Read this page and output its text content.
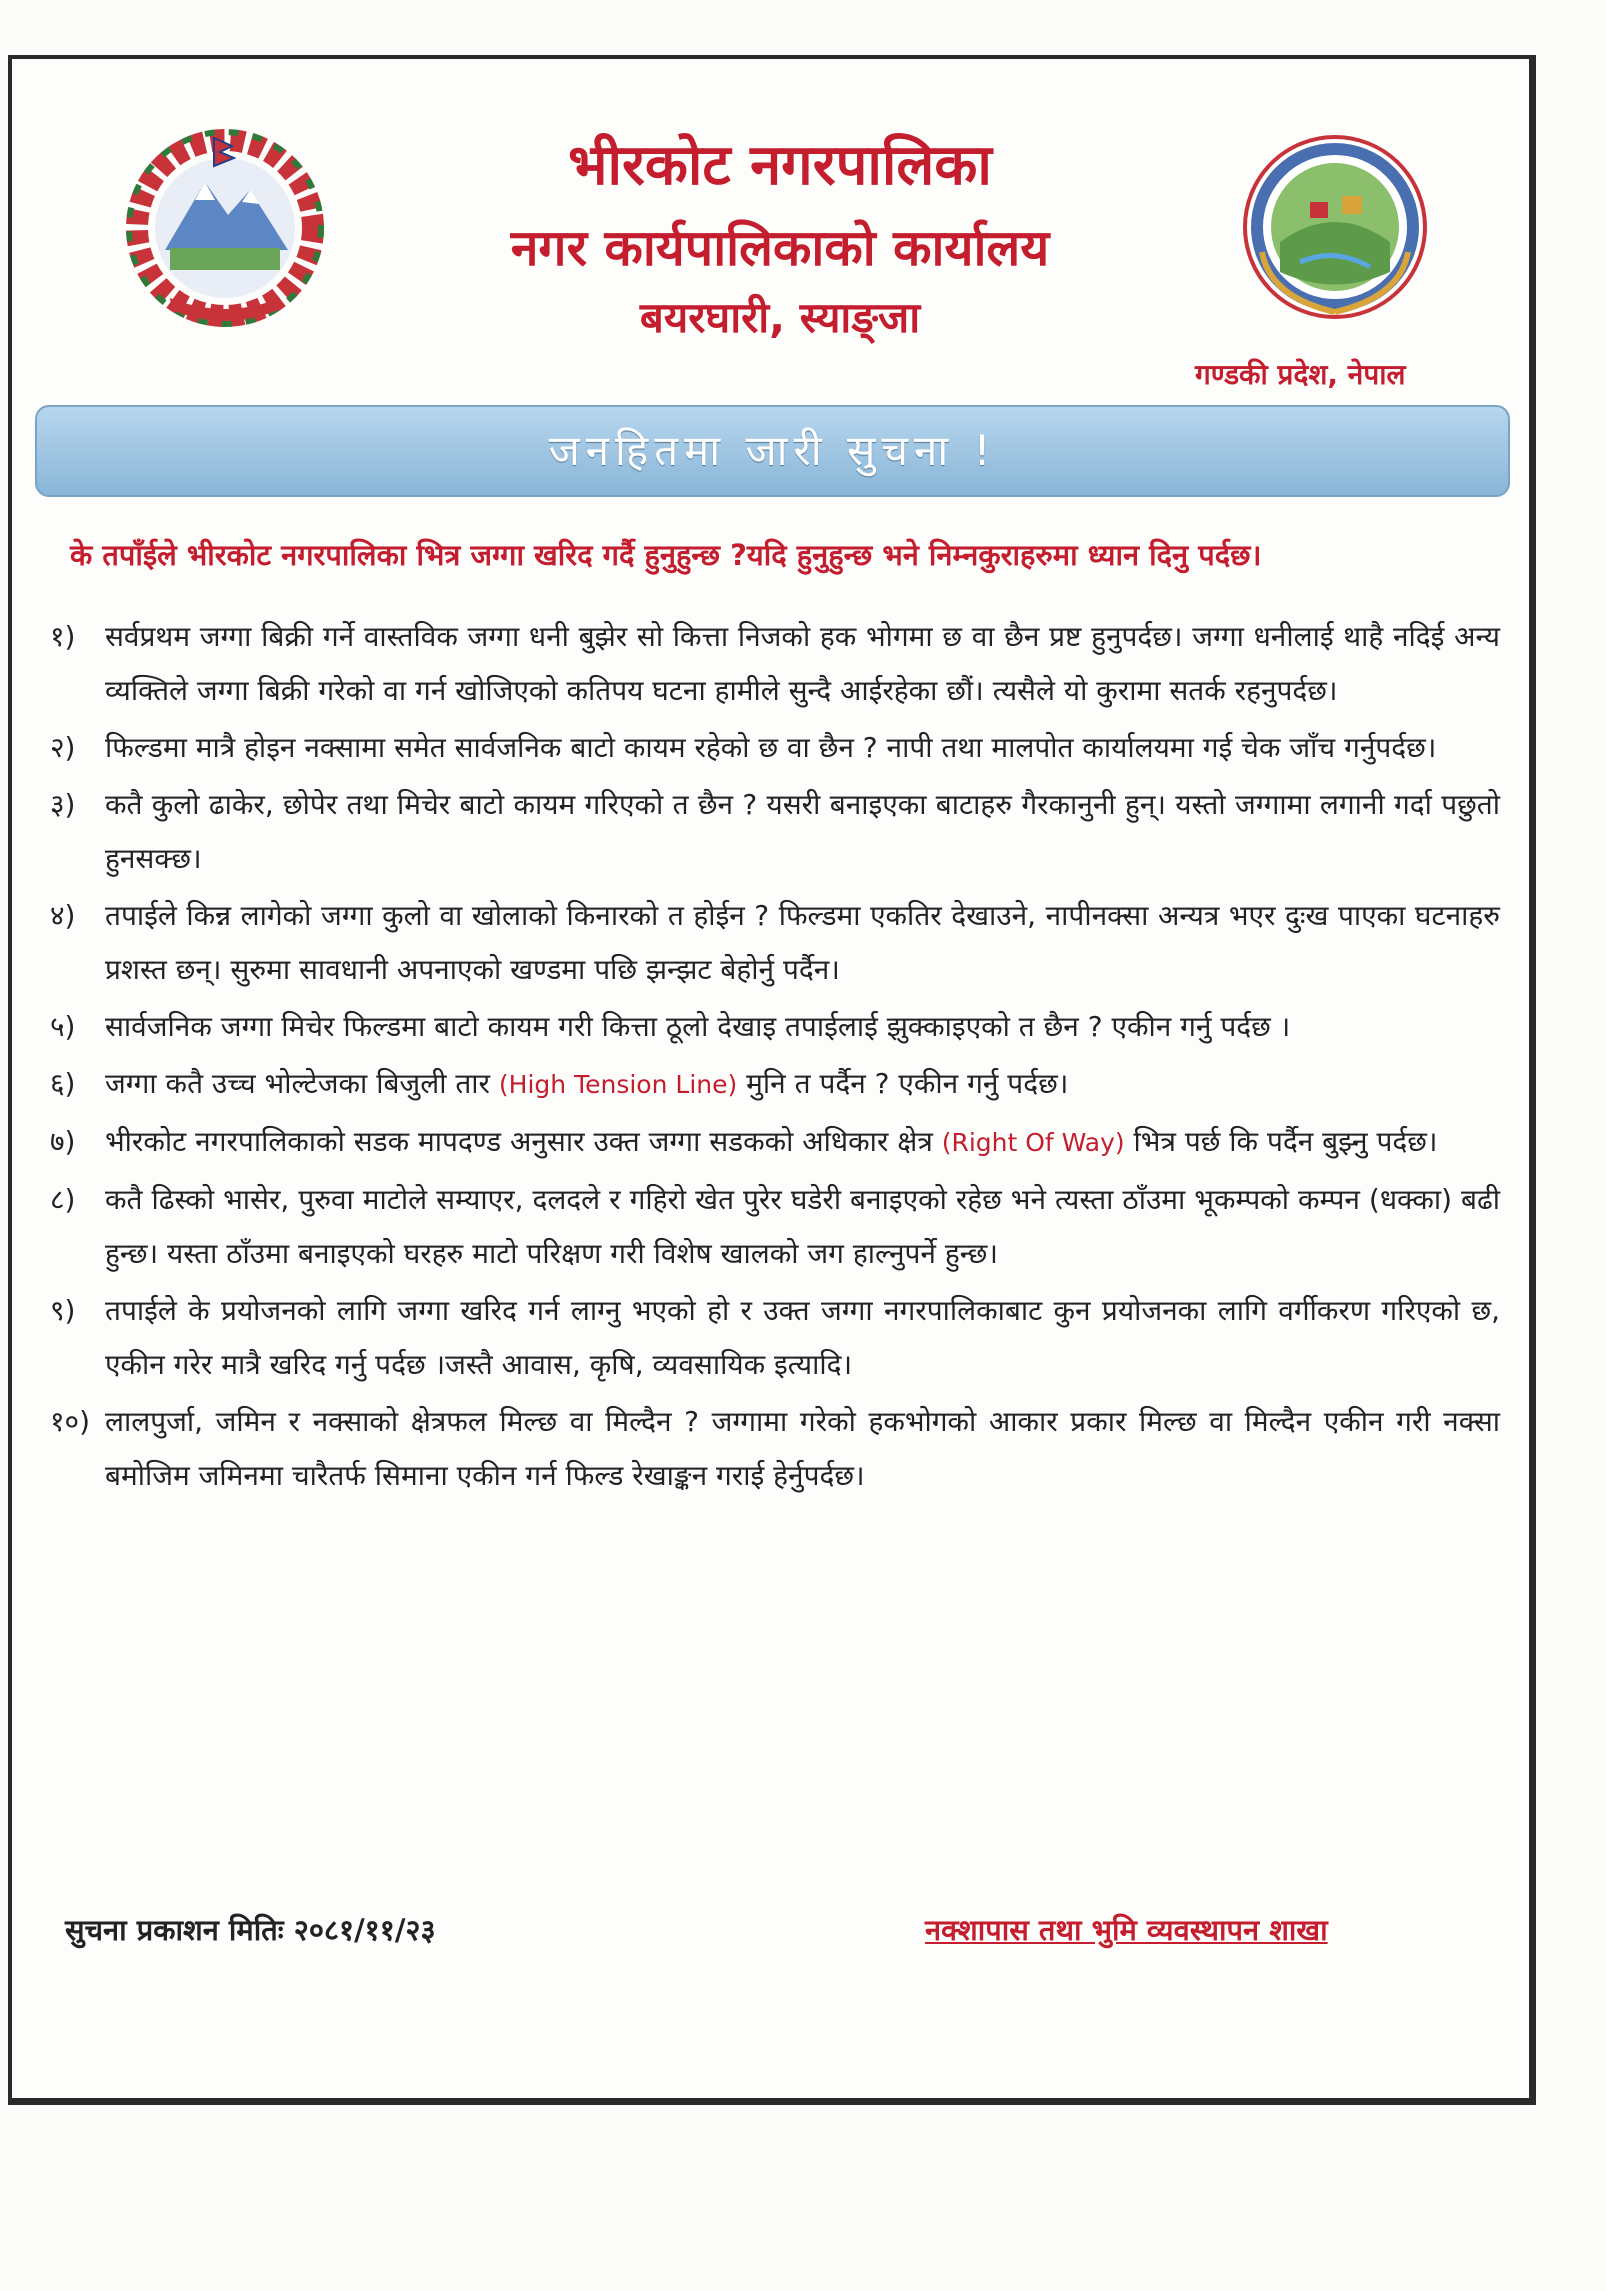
भीरकोट नगरपालिका
नगर कार्यपालिकाको कार्यालय
बयरघारी, स्याङ्जा
गण्डकी प्रदेश, नेपाल
जनहितमा जारी सुचना !
के तपाँईले भीरकोट नगरपालिका भित्र जग्गा खरिद गर्दै हुनुहुन्छ ?यदि हुनुहुन्छ भने निम्नकुराहरुमा ध्यान दिनु पर्दछ।
१) सर्वप्रथम जग्गा बिक्री गर्ने वास्तविक जग्गा धनी बुझेर सो कित्ता निजको हक भोगमा छ वा छैन प्रष्ट हुनुपर्दछ। जग्गा धनीलाई थाहै नदिई अन्य व्यक्तिले जग्गा बिक्री गरेको वा गर्न खोजिएको कतिपय घटना हामीले सुन्दै आईरहेका छौं। त्यसैले यो कुरामा सतर्क रहनुपर्दछ।
२) फिल्डमा मात्रै होइन नक्सामा समेत सार्वजनिक बाटो कायम रहेको छ वा छैन ? नापी तथा मालपोत कार्यालयमा गई चेक जाँच गर्नुपर्दछ।
३) कतै कुलो ढाकेर, छोपेर तथा मिचेर बाटो कायम गरिएको त छैन ? यसरी बनाइएका बाटाहरु गैरकानुनी हुन्। यस्तो जग्गामा लगानी गर्दा पछुतो हुनसक्छ।
४) तपाईले किन्न लागेको जग्गा कुलो वा खोलाको किनारको त होईन ? फिल्डमा एकतिर देखाउने, नापीनक्सा अन्यत्र भएर दुःख पाएका घटनाहरु प्रशस्त छन्। सुरुमा सावधानी अपनाएको खण्डमा पछि झन्झट बेहोर्नु पर्दैन।
५) सार्वजनिक जग्गा मिचेर फिल्डमा बाटो कायम गरी कित्ता ठूलो देखाइ तपाईलाई झुक्काइएको त छैन ? एकीन गर्नु पर्दछ ।
६) जग्गा कतै उच्च भोल्टेजका बिजुली तार (High Tension Line) मुनि त पर्दैन ? एकीन गर्नु पर्दछ।
७) भीरकोट नगरपालिकाको सडक मापदण्ड अनुसार उक्त जग्गा सडकको अधिकार क्षेत्र (Right Of Way) भित्र पर्छ कि पर्दैन बुझ्नु पर्दछ।
८) कतै ढिस्को भासेर, पुरुवा माटोले सम्याएर, दलदले र गहिरो खेत पुरेर घडेरी बनाइएको रहेछ भने त्यस्ता ठाँउमा भूकम्पको कम्पन (धक्का) बढी हुन्छ। यस्ता ठाँउमा बनाइएको घरहरु माटो परिक्षण गरी विशेष खालको जग हाल्नुपर्ने हुन्छ।
९) तपाईले के प्रयोजनको लागि जग्गा खरिद गर्न लाग्नु भएको हो र उक्त जग्गा नगरपालिकाबाट कुन प्रयोजनका लागि वर्गीकरण गरिएको छ, एकीन गरेर मात्रै खरिद गर्नु पर्दछ ।जस्तै आवास, कृषि, व्यवसायिक इत्यादि।
१०) लालपुर्जा, जमिन र नक्साको क्षेत्रफल मिल्छ वा मिल्दैन ? जग्गामा गरेको हकभोगको आकार प्रकार मिल्छ वा मिल्दैन एकीन गरी नक्सा बमोजिम जमिनमा चारैतर्फ सिमाना एकीन गर्न फिल्ड रेखाङ्कन गराई हेर्नुपर्दछ।
सुचना प्रकाशन मितिः २०८१/११/२३	नक्शापास तथा भुमि व्यवस्थापन शाखा
